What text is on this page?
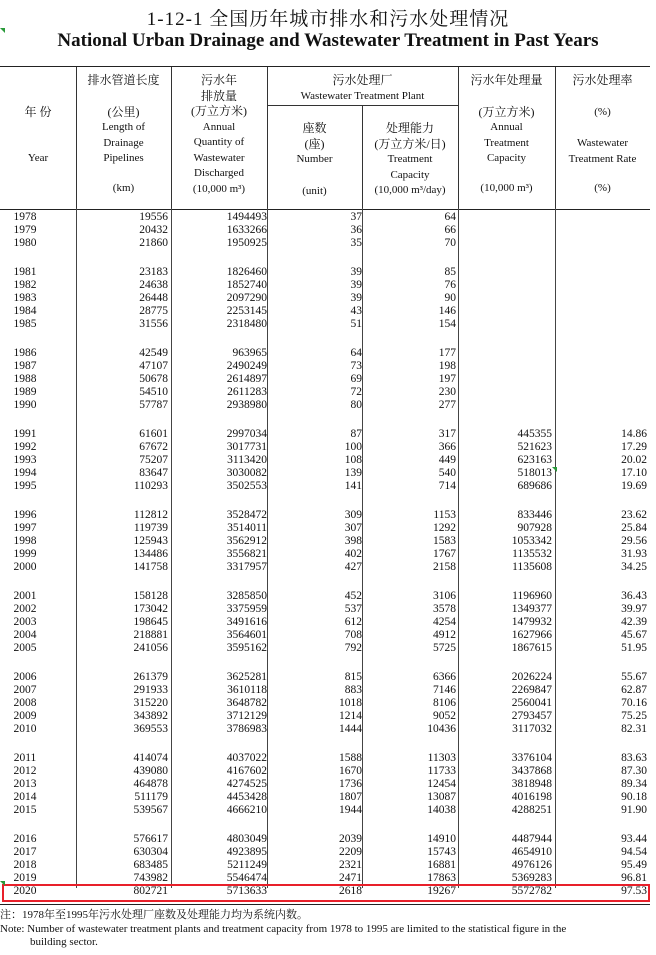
1-12-1 全国历年城市排水和污水处理情况
National Urban Drainage and Wastewater Treatment in Past Years
年 份
Year
排水管道长度
(公里)
Length of
Drainage
Pipelines
(km)
污水年
排放量
(万立方米)
Annual
Quantity of
Wastewater
Discharged
(10,000 m³)
污水处理厂
Wastewater Treatment Plant
座数
(座)
Number
(unit)
处理能力
(万立方米/日)
Treatment
Capacity
(10,000 m³/day)
污水年处理量
(万立方米)
Annual
Treatment
Capacity
(10,000 m³)
污水处理率
(%)
Wastewater
Treatment Rate
(%)
1978	19556	1494493	37	64
1979	20432	1633266	36	66
1980	21860	1950925	35	70
1981	23183	1826460	39	85
1982	24638	1852740	39	76
1983	26448	2097290	39	90
1984	28775	2253145	43	146
1985	31556	2318480	51	154
1986	42549	963965	64	177
1987	47107	2490249	73	198
1988	50678	2614897	69	197
1989	54510	2611283	72	230
1990	57787	2938980	80	277
1991	61601	2997034	87	317	445355	14.86
1992	67672	3017731	100	366	521623	17.29
1993	75207	3113420	108	449	623163	20.02
1994	83647	3030082	139	540	518013	17.10
1995	110293	3502553	141	714	689686	19.69
1996	112812	3528472	309	1153	833446	23.62
1997	119739	3514011	307	1292	907928	25.84
1998	125943	3562912	398	1583	1053342	29.56
1999	134486	3556821	402	1767	1135532	31.93
2000	141758	3317957	427	2158	1135608	34.25
2001	158128	3285850	452	3106	1196960	36.43
2002	173042	3375959	537	3578	1349377	39.97
2003	198645	3491616	612	4254	1479932	42.39
2004	218881	3564601	708	4912	1627966	45.67
2005	241056	3595162	792	5725	1867615	51.95
2006	261379	3625281	815	6366	2026224	55.67
2007	291933	3610118	883	7146	2269847	62.87
2008	315220	3648782	1018	8106	2560041	70.16
2009	343892	3712129	1214	9052	2793457	75.25
2010	369553	3786983	1444	10436	3117032	82.31
2011	414074	4037022	1588	11303	3376104	83.63
2012	439080	4167602	1670	11733	3437868	87.30
2013	464878	4274525	1736	12454	3818948	89.34
2014	511179	4453428	1807	13087	4016198	90.18
2015	539567	4666210	1944	14038	4288251	91.90
2016	576617	4803049	2039	14910	4487944	93.44
2017	630304	4923895	2209	15743	4654910	94.54
2018	683485	5211249	2321	16881	4976126	95.49
2019	743982	5546474	2471	17863	5369283	96.81
2020	802721	5713633	2618	19267	5572782	97.53
注：1978年至1995年污水处理厂座数及处理能力均为系统内数。
Note: Number of wastewater treatment plants and treatment capacity from 1978 to 1995 are limited to the statistical figure in the
building sector.
